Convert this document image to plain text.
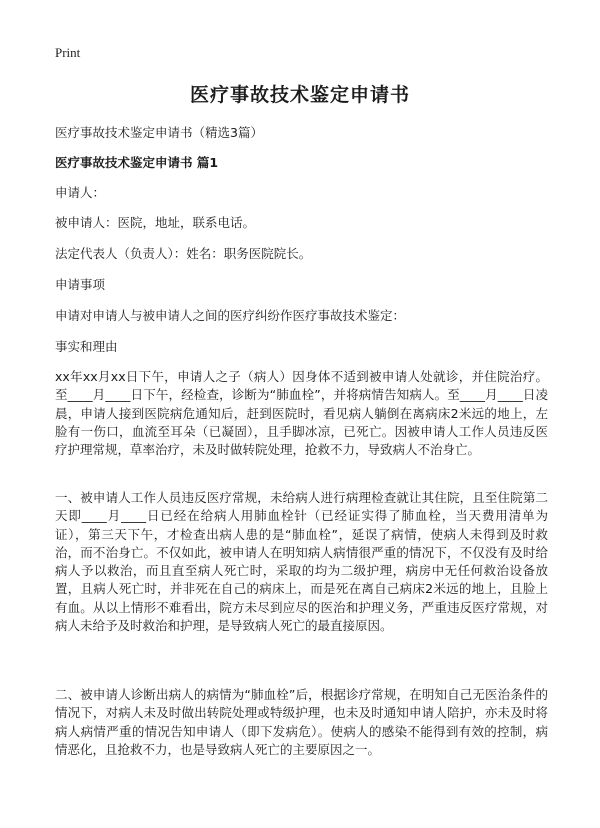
Print
医疗事故技术鉴定申请书
医疗事故技术鉴定申请书（精选3篇）
医疗事故技术鉴定申请书 篇1
申请人：
被申请人：医院，地址，联系电话。
法定代表人（负责人）：姓名：职务医院院长。
申请事项
申请对申请人与被申请人之间的医疗纠纷作医疗事故技术鉴定：
事实和理由
xx年xx月xx日下午，申请人之子（病人）因身体不适到被申请人处就诊，并住院治疗。至____月____日下午，经检查，诊断为“肺血栓”，并将病情告知病人。至____月____日凌晨，申请人接到医院病危通知后，赶到医院时，看见病人躺倒在离病床2米远的地上，左脸有一伤口，血流至耳朵（已凝固），且手脚冰凉，已死亡。因被申请人工作人员违反医疗护理常规，草率治疗，未及时做转院处理，抢救不力，导致病人不治身亡。
一、被申请人工作人员违反医疗常规，未给病人进行病理检查就让其住院，且至住院第二天即____月____日已经在给病人用肺血栓针（已经证实得了肺血栓，当天费用清单为证），第三天下午，才检查出病人患的是“肺血栓”，延误了病情，使病人未得到及时救治，而不治身亡。不仅如此，被申请人在明知病人病情很严重的情况下，不仅没有及时给病人予以救治，而且直至病人死亡时，采取的均为二级护理，病房中无任何救治设备放置，且病人死亡时，并非死在自己的病床上，而是死在离自己病床2米远的地上，且脸上有血。从以上情形不难看出，院方未尽到应尽的医治和护理义务，严重违反医疗常规，对病人未给予及时救治和护理，是导致病人死亡的最直接原因。
二、被申请人诊断出病人的病情为“肺血栓”后，根据诊疗常规，在明知自己无医治条件的情况下，对病人未及时做出转院处理或特级护理，也未及时通知申请人陪护，亦未及时将病人病情严重的情况告知申请人（即下发病危）。使病人的感染不能得到有效的控制，病情恶化，且抢救不力，也是导致病人死亡的主要原因之一。
